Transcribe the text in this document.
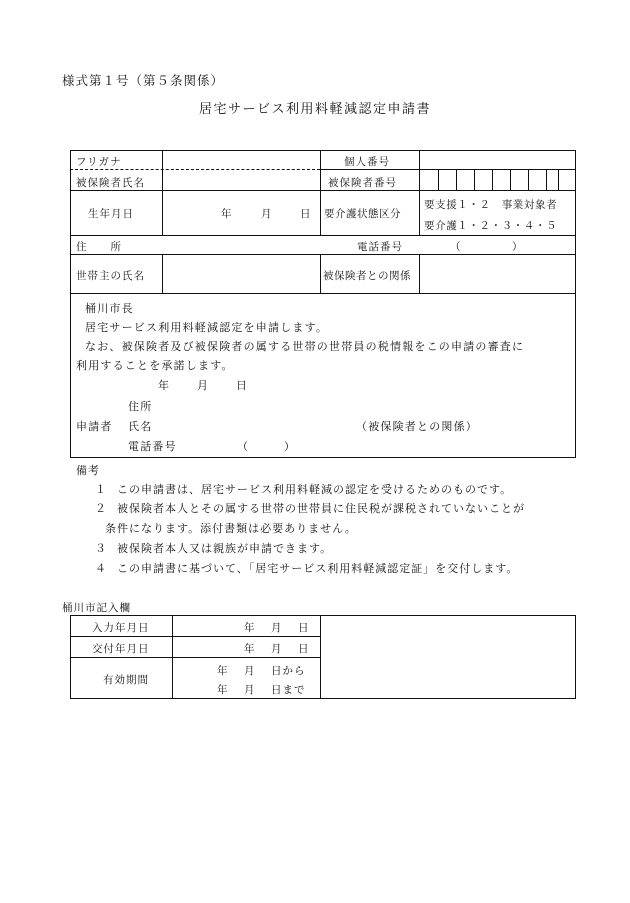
様式第１号（第５条関係）
居宅サービス利用料軽減認定申請書
フリガナ	個人番号
被保険者氏名	被保険者番号
生年月日	年	月	日 要介護状態区分
要支援１・２　事業対象者
要介護１・２・３・４・５
住　　所	電話番号	（	）
世帯主の氏名	被保険者との関係
桶川市長
居宅サービス利用料軽減認定を申請します。
なお、被保険者及び被保険者の属する世帯の世帯員の税情報をこの申請の審査に
利用することを承諾します。
年 月 日
住所
申請者 氏名	（被保険者との関係）
電話番号	（	）
備考
１ この申請書は、居宅サービス利用料軽減の認定を受けるためのものです。
２ 被保険者本人とその属する世帯の世帯員に住民税が課税されていないことが
条件になります。添付書類は必要ありません。
３ 被保険者本人又は親族が申請できます。
４ この申請書に基づいて、「居宅サービス利用料軽減認定証」を交付します。
桶川市記入欄
入力年月日	年 月 日
交付年月日	年 月 日
有効期間
年 月 日から
年 月 日まで
